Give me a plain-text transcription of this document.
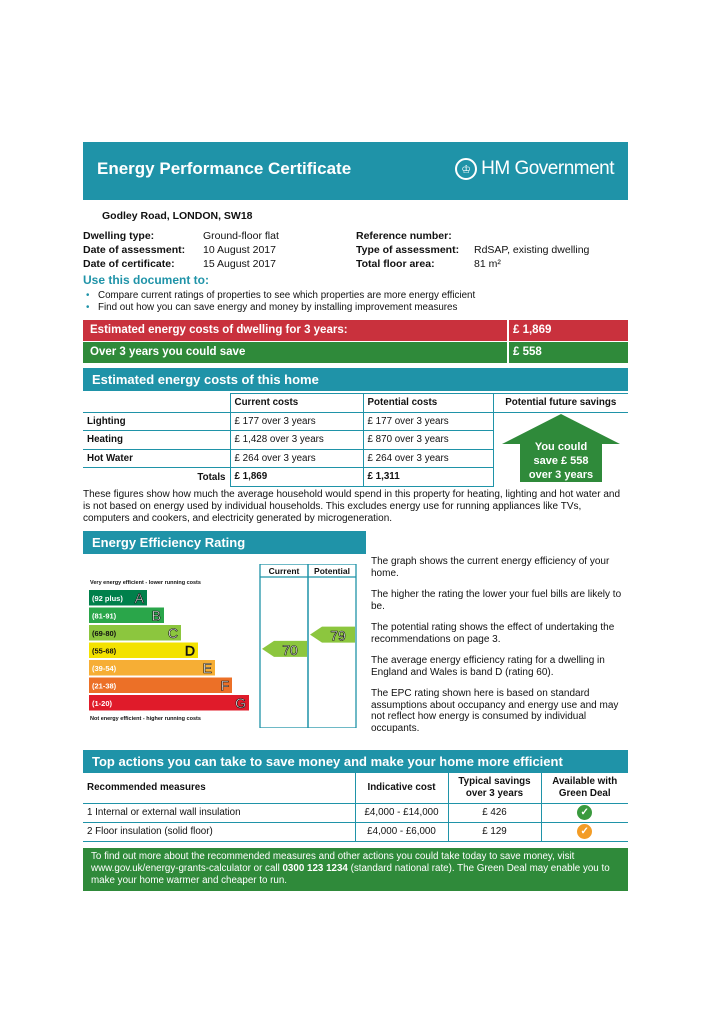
Energy Performance Certificate	♔ HM Government
Godley Road, LONDON, SW18
Dwelling type:	Ground-floor flat
Date of assessment:	10 August 2017
Date of certificate:	15 August 2017
Reference number:
Type of assessment:	RdSAP, existing dwelling
Total floor area:	81 m²
Use this document to:
• Compare current ratings of properties to see which properties are more energy efficient
• Find out how you can save energy and money by installing improvement measures
Estimated energy costs of dwelling for 3 years:	£ 1,869
Over 3 years you could save	£ 558
Estimated energy costs of this home
	Current costs	Potential costs	Potential future savings
Lighting	£ 177 over 3 years	£ 177 over 3 years	
Heating	£ 1,428 over 3 years	£ 870 over 3 years	
Hot Water	£ 264 over 3 years	£ 264 over 3 years	
Totals	£ 1,869	£ 1,311	
You could
save £ 558
over 3 years
These figures show how much the average household would spend in this property for heating, lighting and hot water and is not based on energy used by individual households. This excludes energy use for running appliances like TVs, computers and cookers, and electricity generated by microgeneration.
Energy Efficiency Rating
Current Potential
Very energy efficient - lower running costs
Not energy efficient - higher running costs
(92 plus) A
(81-91)	B
(69-80)	C
(55-68)	D
(39-54)	E
(21-38)	F
(1-20)	G
70
79

The graph shows the current energy efficiency of your home.

The higher the rating the lower your fuel bills are likely to be.

The potential rating shows the effect of undertaking the recommendations on page 3.

The average energy efficiency rating for a dwelling in England and Wales is band D (rating 60).

The EPC rating shown here is based on standard assumptions about occupancy and energy use and may not reflect how energy is consumed by individual occupants.

Top actions you can take to save money and make your home more efficient
Recommended measures	Indicative cost	Typical savings over 3 years	Available with Green Deal
1 Internal or external wall insulation	£4,000 - £14,000	£ 426	✓
2 Floor insulation (solid floor)	£4,000 - £6,000	£ 129	✓
To find out more about the recommended measures and other actions you could take today to save money, visit www.gov.uk/energy-grants-calculator or call 0300 123 1234 (standard national rate). The Green Deal may enable you to make your home warmer and cheaper to run.
